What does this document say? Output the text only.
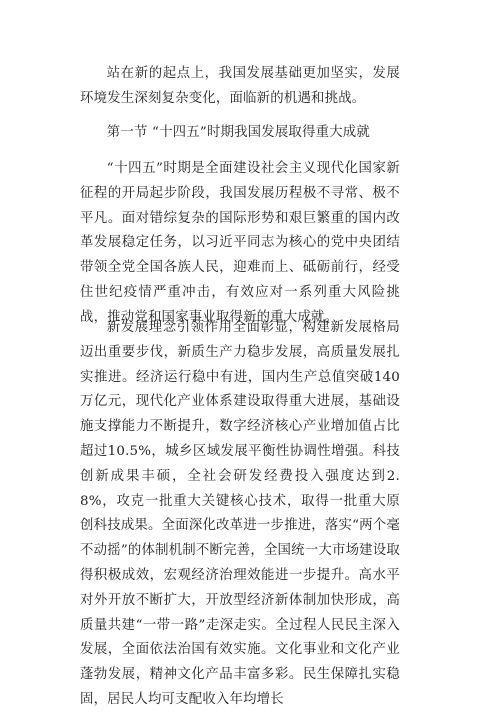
站在新的起点上，我国发展基础更加坚实，发展环境发生深刻复杂变化，面临新的机遇和挑战。

第一节 “十四五”时期我国发展取得重大成就

“十四五”时期是全面建设社会主义现代化国家新征程的开局起步阶段，我国发展历程极不寻常、极不平凡。面对错综复杂的国际形势和艰巨繁重的国内改革发展稳定任务，以习近平同志为核心的党中央团结带领全党全国各族人民，迎难而上、砥砺前行，经受住世纪疫情严重冲击，有效应对一系列重大风险挑战，推动党和国家事业取得新的重大成就。

新发展理念引领作用全面彰显，构建新发展格局迈出重要步伐，新质生产力稳步发展，高质量发展扎实推进。经济运行稳中有进，国内生产总值突破140万亿元，现代化产业体系建设取得重大进展，基础设施支撑能力不断提升，数字经济核心产业增加值占比超过10.5%，城乡区域发展平衡性协调性增强。科技创新成果丰硕，全社会研发经费投入强度达到2.8%，攻克一批重大关键核心技术，取得一批重大原创科技成果。全面深化改革进一步推进，落实“两个毫不动摇”的体制机制不断完善，全国统一大市场建设取得积极成效，宏观经济治理效能进一步提升。高水平对外开放不断扩大，开放型经济新体制加快形成，高质量共建“一带一路”走深走实。全过程人民民主深入发展，全面依法治国有效实施。文化事业和文化产业蓬勃发展，精神文化产品丰富多彩。民生保障扎实稳固，居民人均可支配收入年均增长
